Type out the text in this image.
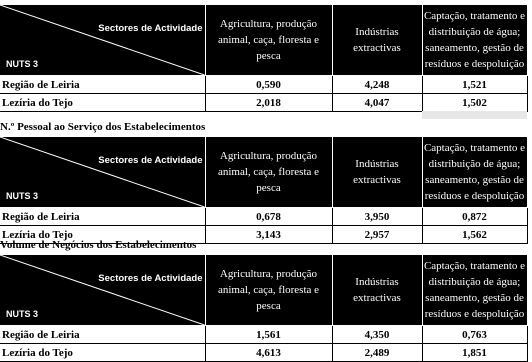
Sectores de Actividade
NUTS 3	Agricultura, produção animal, caça, floresta e pesca	Indústrias extractivas	Captação, tratamento e distribuição de água; saneamento, gestão de resíduos e despoluição
Região de Leiria	0,590	4,248	1,521
Lezíria do Tejo	2,018	4,047	1,502
N.º Pessoal ao Serviço dos Estabelecimentos
Sectores de Actividade
NUTS 3	Agricultura, produção animal, caça, floresta e pesca	Indústrias extractivas	Captação, tratamento e distribuição de água; saneamento, gestão de resíduos e despoluição
Região de Leiria	0,678	3,950	0,872
Lezíria do Tejo	3,143	2,957	1,562
Volume de Negócios dos Estabelecimentos
Sectores de Actividade
NUTS 3	Agricultura, produção animal, caça, floresta e pesca	Indústrias extractivas	Captação, tratamento e distribuição de água; saneamento, gestão de resíduos e despoluição
Região de Leiria	1,561	4,350	0,763
Lezíria do Tejo	4,613	2,489	1,851
